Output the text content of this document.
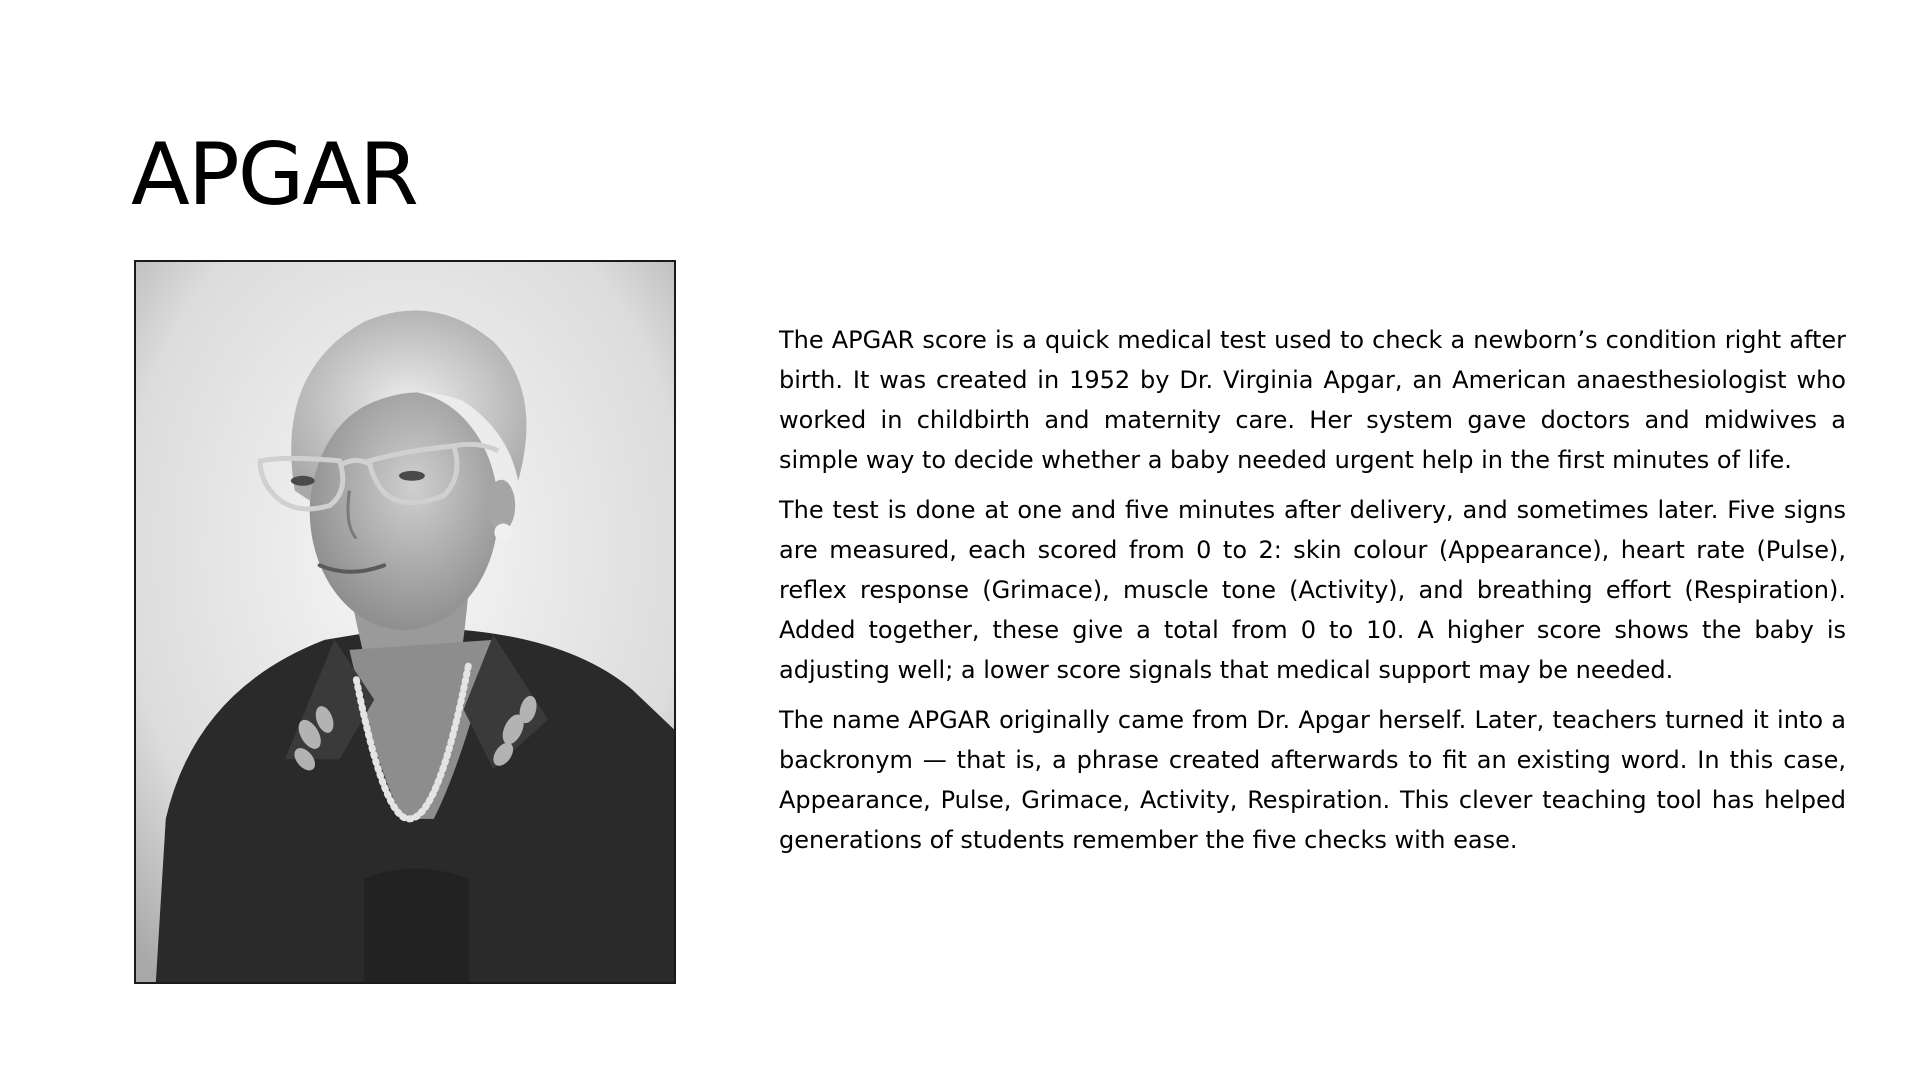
APGAR

The APGAR score is a quick medical test used to check a newborn’s condition right after birth. It was created in 1952 by Dr. Virginia Apgar, an American anaesthesiologist who worked in childbirth and maternity care. Her system gave doctors and midwives a simple way to decide whether a baby needed urgent help in the first minutes of life.

The test is done at one and five minutes after delivery, and sometimes later. Five signs are measured, each scored from 0 to 2: skin colour (Appearance), heart rate (Pulse), reflex response (Grimace), muscle tone (Activity), and breathing effort (Respiration). Added together, these give a total from 0 to 10. A higher score shows the baby is adjusting well; a lower score signals that medical support may be needed.

The name APGAR originally came from Dr. Apgar herself. Later, teachers turned it into a backronym — that is, a phrase created afterwards to fit an existing word. In this case, Appearance, Pulse, Grimace, Activity, Respiration. This clever teaching tool has helped generations of students remember the five checks with ease.
